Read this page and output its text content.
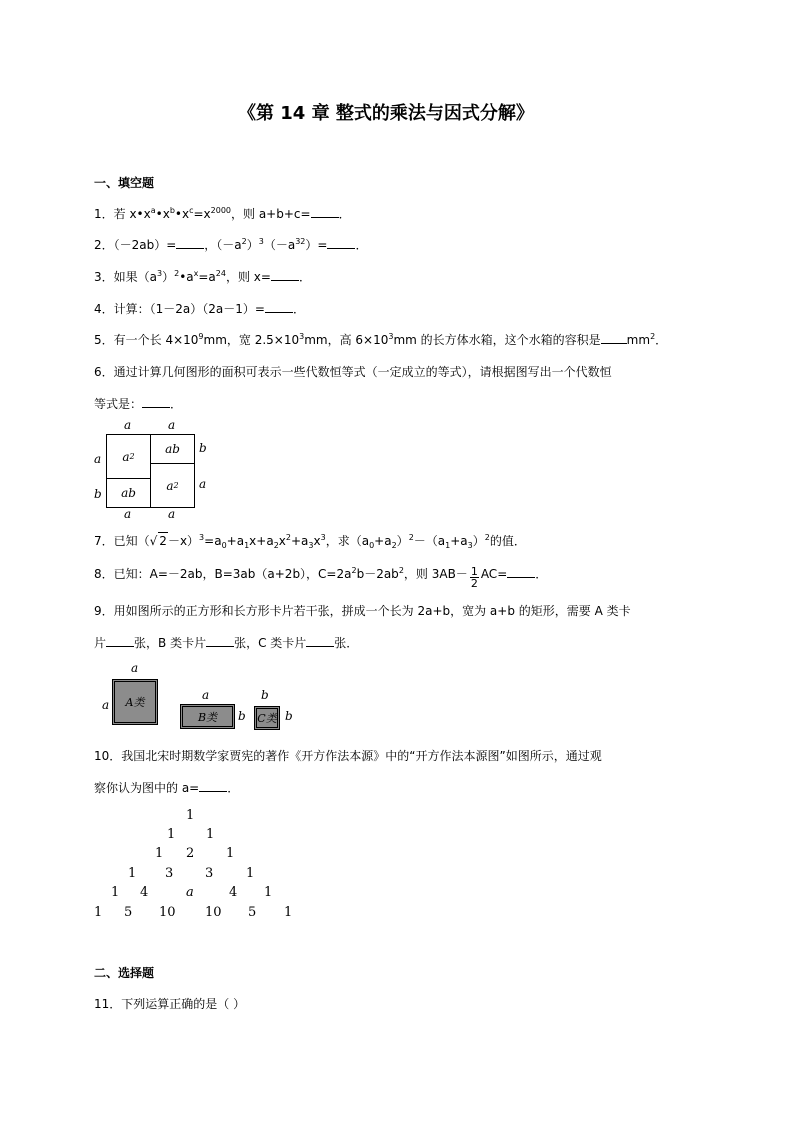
《第 14 章 整式的乘法与因式分解》
一、填空题
1．若 $x•x^a•x^b•x^c=x^{2000}$，则 a+b+c= ．
2．（－2ab）= ，$(-a^2)^3(-a^{32})=$ ．
3．如果$(a^3)^2•a^x=a^{24}$，则 x= ．
4．计算：（1－2a）（2a－1）= ．
5．有一个长 $4\times 10^9mm$，宽 $2.5\times 10^3mm$，高 $6\times 10^3mm$ 的长方体水箱，这个水箱的容积是 $mm^2$．
6．通过计算几何图形的面积可表示一些代数恒等式（一定成立的等式），请根据图写出一个代数恒
等式是： ．
a 2
ab
ab
a 2
a	a
a
b
b
a
a	a
7．已知（√ $2-x)^3=a_0+a_1x+a_2x^2+a_3x^3$，求$(a_0+a_2)^2-(a_1+a_3)^2$的值．
8．已知：A=－2ab，B=3ab（a+2b），$C=2a^2b-2ab^2$，则 $3AB- \frac{1}{2} AC=$ ．
9．用如图所示的正方形和长方形卡片若干张，拼成一个长为 2a+b，宽为 a+b 的矩形，需要 A 类卡
片 张，B 类卡片 张，C 类卡片 张．
a
a A类
a
B类 b
b
C类 b
10．我国北宋时期数学家贾宪的著作《开方作法本源》中的“开方作法本源图”如图所示，通过观
察你认为图中的 a= ．
1
1 1
1 2 1
1 3 3	1
1 4	a	4 1
1 5 10 10 5 1
二、选择题
11．下列运算正确的是（ ）
